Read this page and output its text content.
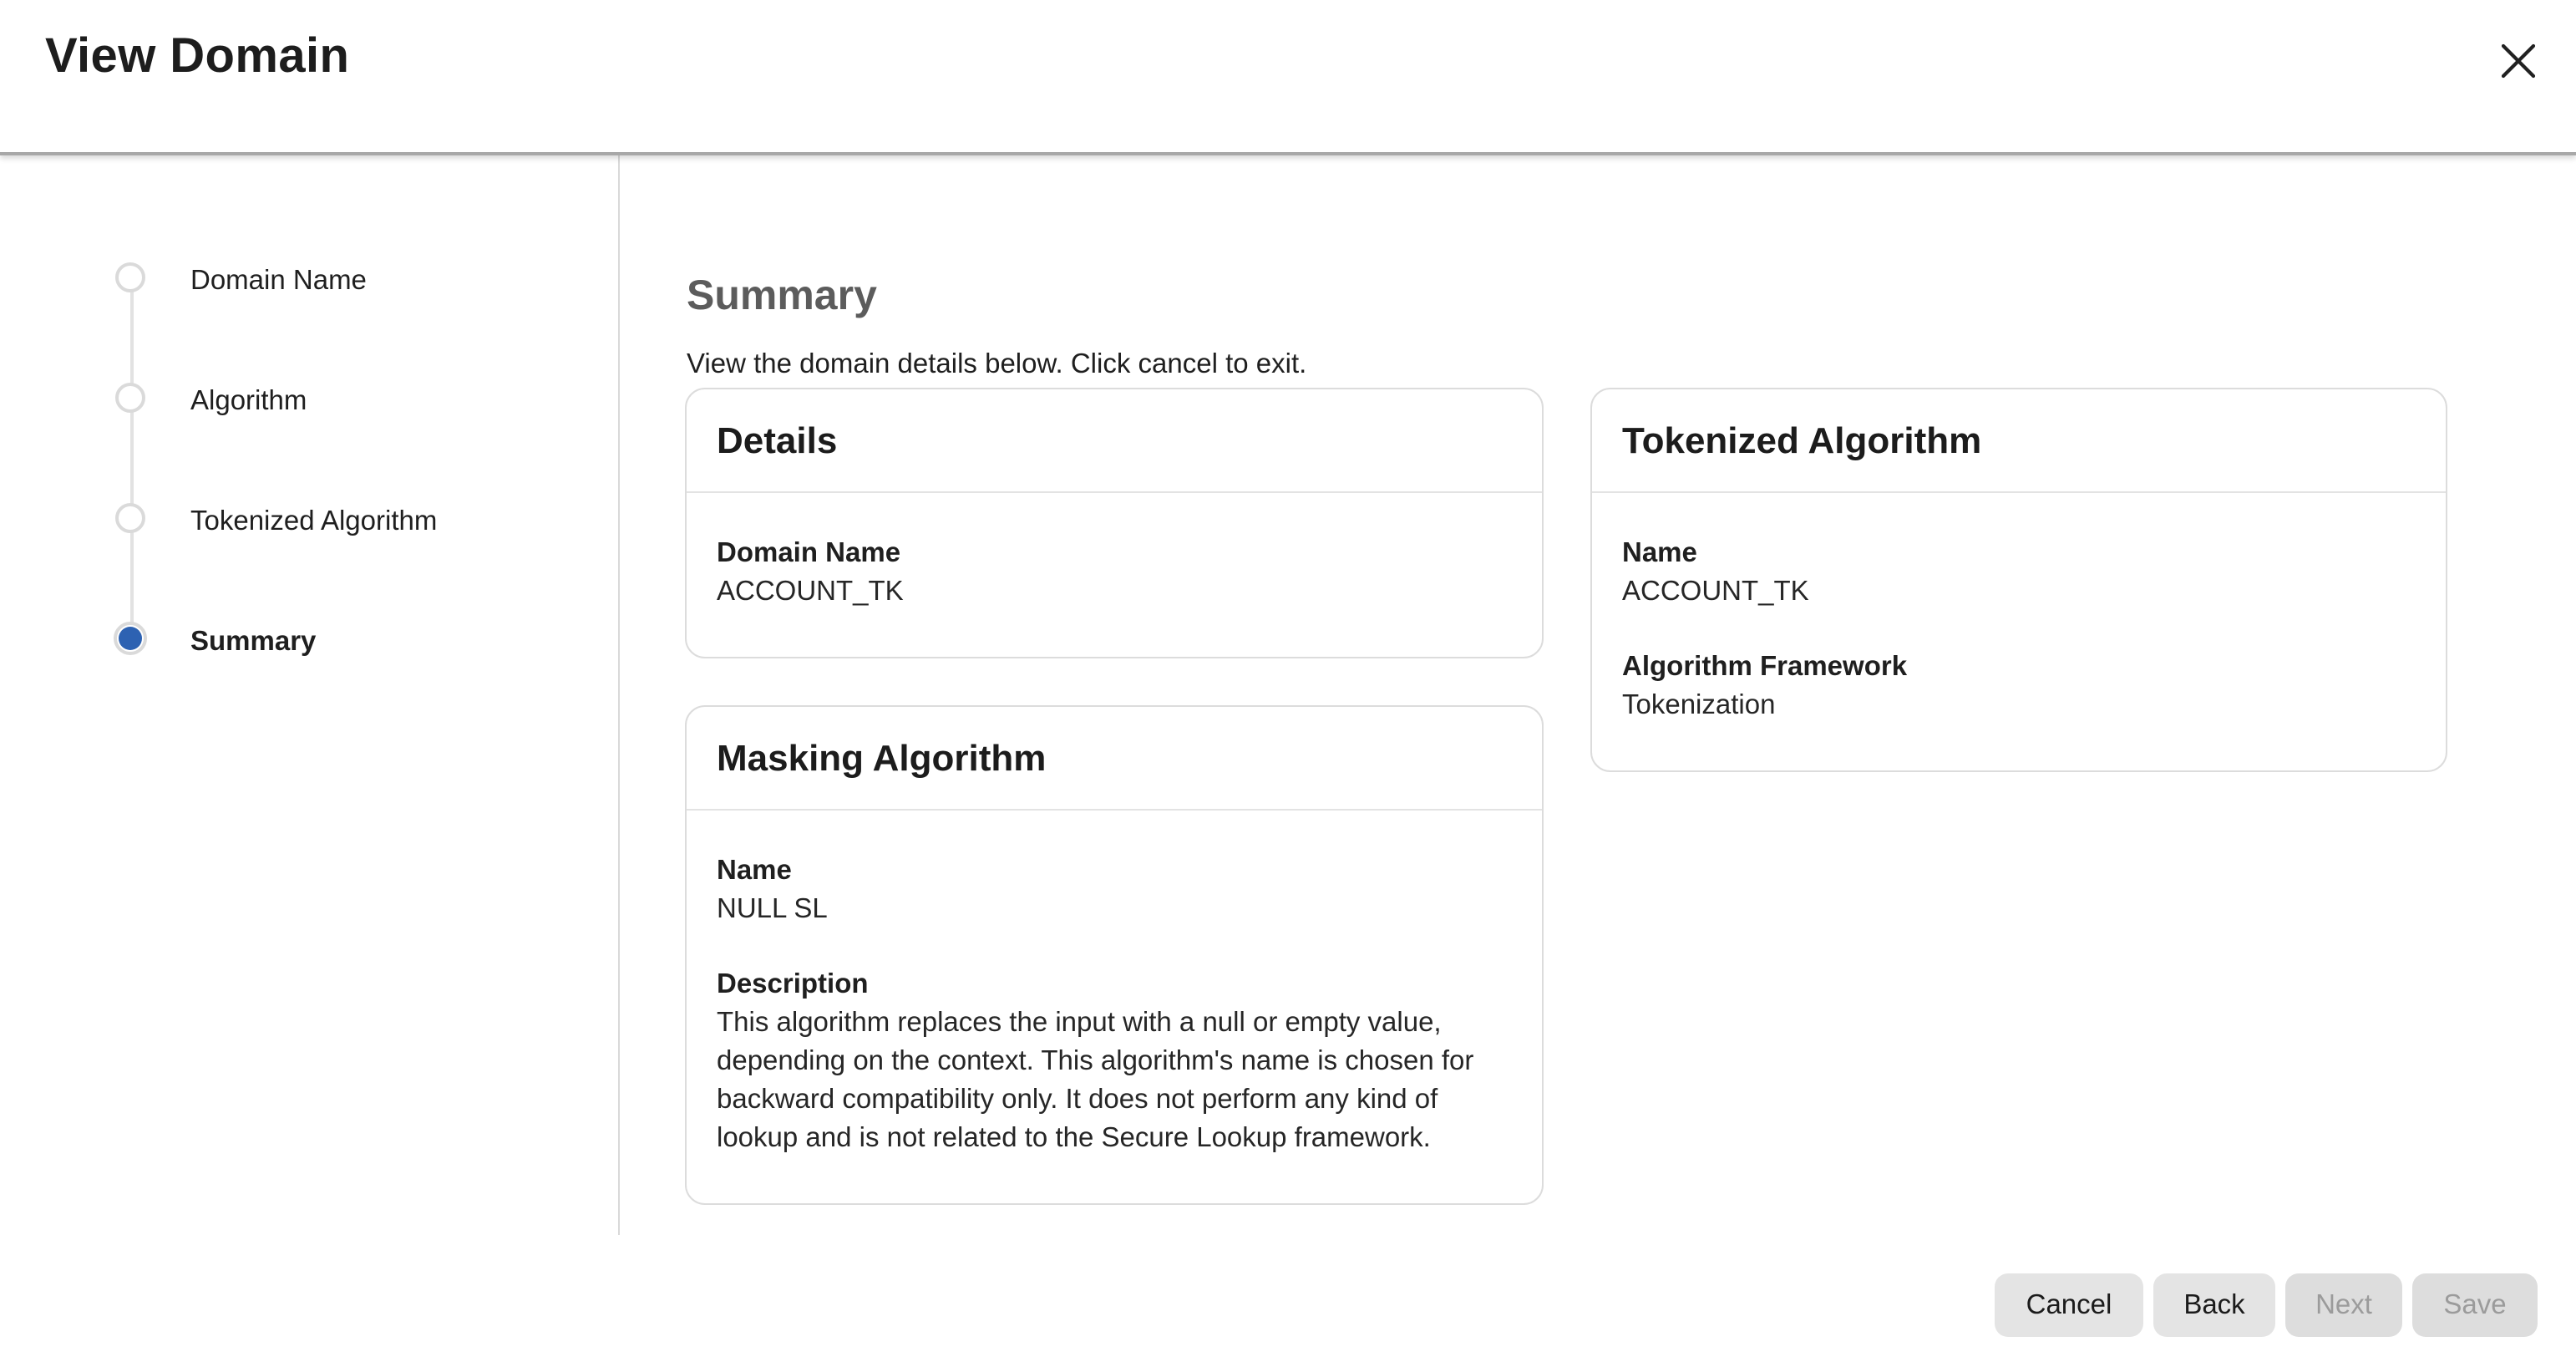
View Domain
Domain Name
Algorithm
Tokenized Algorithm
Summary
Summary

View the domain details below. Click cancel to exit.

Details
Domain Name
ACCOUNT_TK
Masking Algorithm
Name
NULL SL
Description
This algorithm replaces the input with a null or empty value, depending on the context. This algorithm's name is chosen for backward compatibility only. It does not perform any kind of lookup and is not related to the Secure Lookup framework.
Tokenized Algorithm
Name
ACCOUNT_TK
Algorithm Framework
Tokenization
Cancel	Back	Next	Save
